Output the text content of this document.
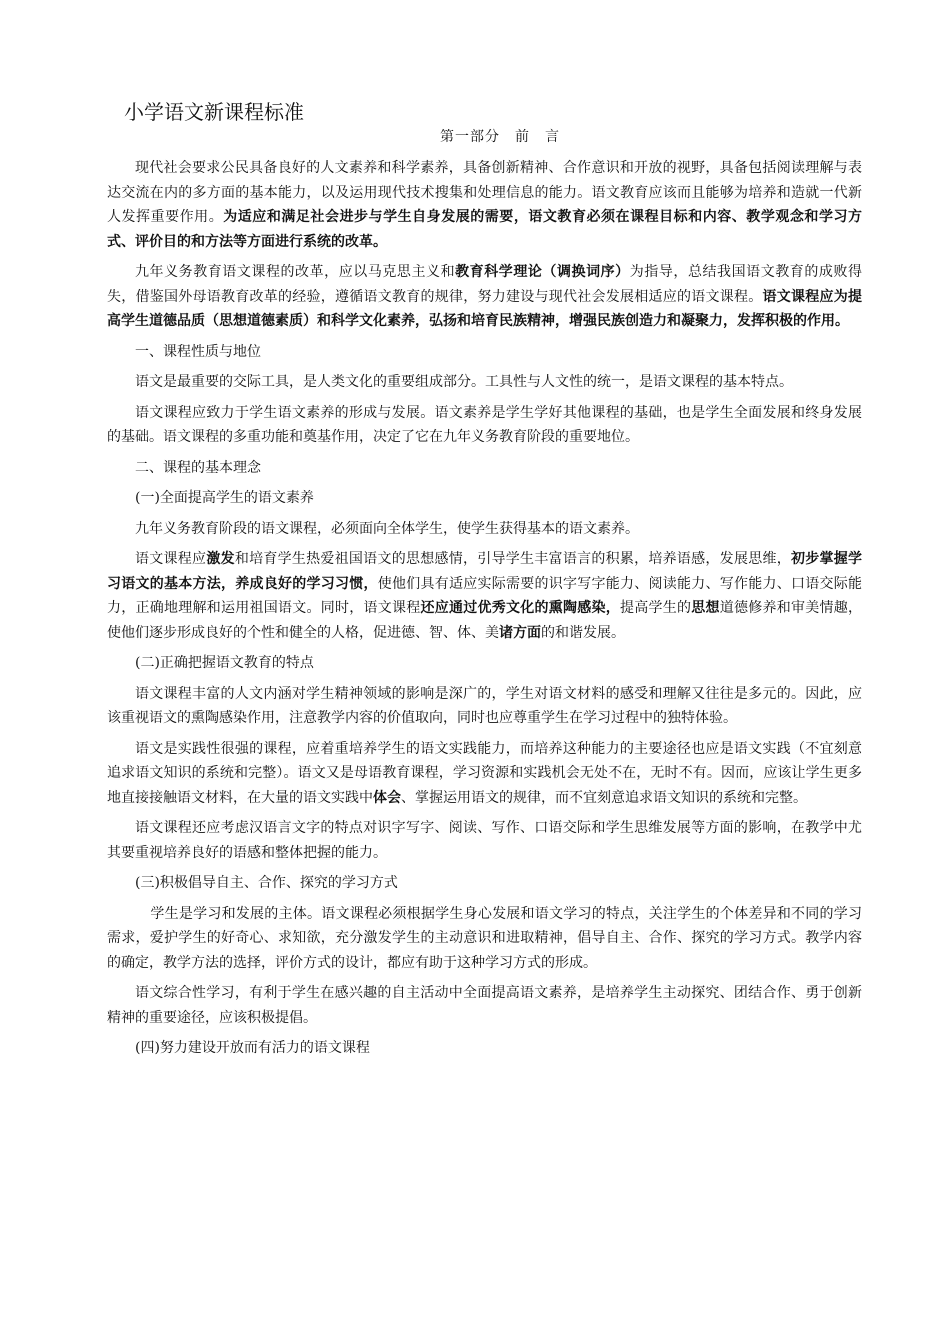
小学语文新课程标准
第一部分　前　言

现代社会要求公民具备良好的人文素养和科学素养，具备创新精神、合作意识和开放的视野，具备包括阅读理解与表达交流在内的多方面的基本能力，以及运用现代技术搜集和处理信息的能力。语文教育应该而且能够为培养和造就一代新人发挥重要作用。为适应和满足社会进步与学生自身发展的需要，语文教育必须在课程目标和内容、教学观念和学习方式、评价目的和方法等方面进行系统的改革。

九年义务教育语文课程的改革，应以马克思主义和教育科学理论（调换词序）为指导，总结我国语文教育的成败得失，借鉴国外母语教育改革的经验，遵循语文教育的规律，努力建设与现代社会发展相适应的语文课程。语文课程应为提高学生道德品质（思想道德素质）和科学文化素养，弘扬和培育民族精神，增强民族创造力和凝聚力，发挥积极的作用。

一、课程性质与地位

语文是最重要的交际工具，是人类文化的重要组成部分。工具性与人文性的统一，是语文课程的基本特点。

语文课程应致力于学生语文素养的形成与发展。语文素养是学生学好其他课程的基础，也是学生全面发展和终身发展的基础。语文课程的多重功能和奠基作用，决定了它在九年义务教育阶段的重要地位。

二、课程的基本理念

(一)全面提高学生的语文素养

九年义务教育阶段的语文课程，必须面向全体学生，使学生获得基本的语文素养。

语文课程应激发和培育学生热爱祖国语文的思想感情，引导学生丰富语言的积累，培养语感，发展思维，初步掌握学习语文的基本方法，养成良好的学习习惯，使他们具有适应实际需要的识字写字能力、阅读能力、写作能力、口语交际能力，正确地理解和运用祖国语文。同时，语文课程还应通过优秀文化的熏陶感染，提高学生的思想道德修养和审美情趣，使他们逐步形成良好的个性和健全的人格，促进德、智、体、美诸方面的和谐发展。

(二)正确把握语文教育的特点

语文课程丰富的人文内涵对学生精神领域的影响是深广的，学生对语文材料的感受和理解又往往是多元的。因此，应该重视语文的熏陶感染作用，注意教学内容的价值取向，同时也应尊重学生在学习过程中的独特体验。

语文是实践性很强的课程，应着重培养学生的语文实践能力，而培养这种能力的主要途径也应是语文实践（不宜刻意追求语文知识的系统和完整）。语文又是母语教育课程，学习资源和实践机会无处不在，无时不有。因而，应该让学生更多地直接接触语文材料，在大量的语文实践中体会、掌握运用语文的规律，而不宜刻意追求语文知识的系统和完整。

语文课程还应考虑汉语言文字的特点对识字写字、阅读、写作、口语交际和学生思维发展等方面的影响，在教学中尤其要重视培养良好的语感和整体把握的能力。

(三)积极倡导自主、合作、探究的学习方式

学生是学习和发展的主体。语文课程必须根据学生身心发展和语文学习的特点，关注学生的个体差异和不同的学习需求，爱护学生的好奇心、求知欲，充分激发学生的主动意识和进取精神，倡导自主、合作、探究的学习方式。教学内容的确定，教学方法的选择，评价方式的设计，都应有助于这种学习方式的形成。

语文综合性学习，有利于学生在感兴趣的自主活动中全面提高语文素养，是培养学生主动探究、团结合作、勇于创新精神的重要途径，应该积极提倡。

(四)努力建设开放而有活力的语文课程
